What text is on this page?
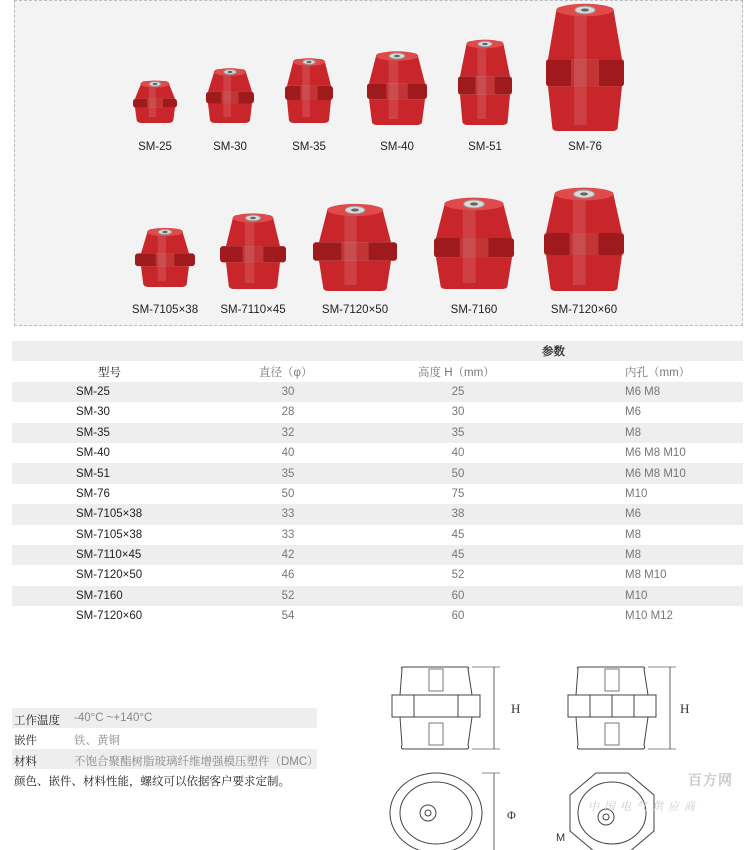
SM-25	SM-30	SM-35	SM-40	SM-51	SM-76
SM-7105×38 SM-7110×45	SM-7120×50	SM-7160	SM-7120×60
参数
型号	直径（φ）	高度 H（mm）	内孔（mm）
SM-25	30	25	M6 M8
SM-30	28	30	M6
SM-35	32	35	M8
SM-40	40	40	M6 M8 M10
SM-51	35	50	M6 M8 M10
SM-76	50	75	M10
SM-7105×38	33	38	M6
SM-7105×38	33	45	M8
SM-7110×45	42	45	M8
SM-7120×50	46	52	M8 M10
SM-7160	52	60	M10
SM-7120×60	54	60	M10 M12
工作温度 -40°C ~+140°C
嵌件	铁、黄铜
材料	不饱合聚酯树脂玻璃纤维增强模压塑件（DMC）
颜色、嵌件、材料性能，螺纹可以依据客户要求定制。
H
Φ
H
M
百方网
中国电气供应商
